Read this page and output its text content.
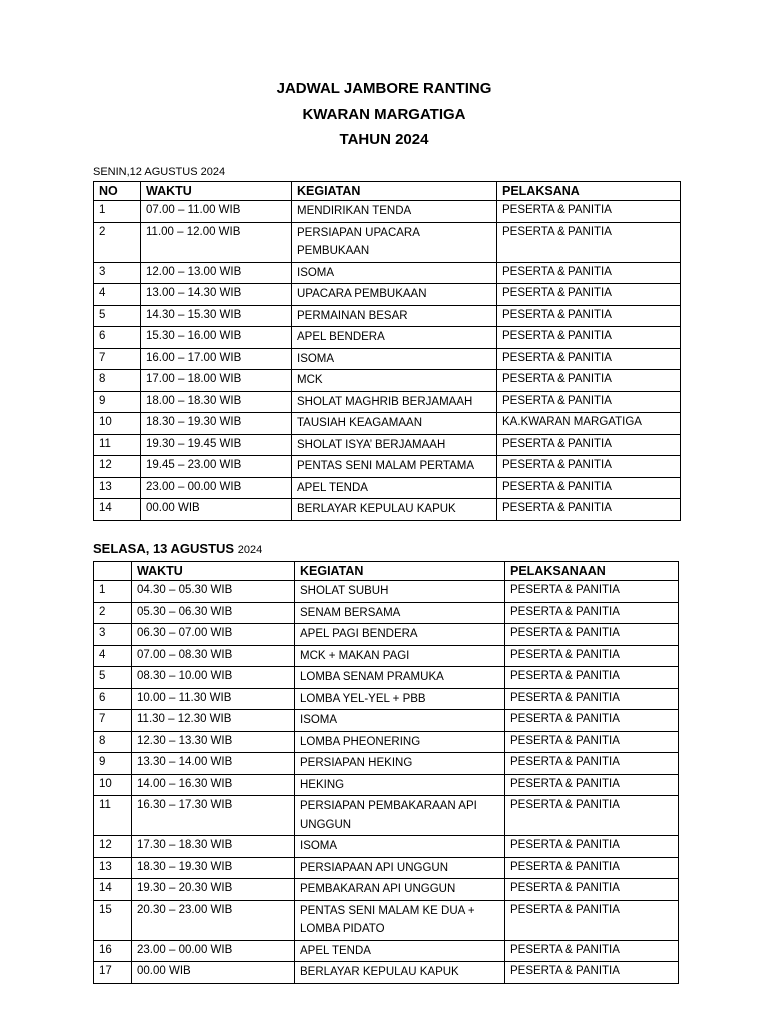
JADWAL JAMBORE RANTING
KWARAN MARGATIGA
TAHUN 2024
SENIN,12 AGUSTUS 2024
NO	WAKTU	KEGIATAN	PELAKSANA
1	07.00 – 11.00 WIB	MENDIRIKAN TENDA	PESERTA & PANITIA
2	11.00 – 12.00 WIB	PERSIAPAN UPACARA PEMBUKAAN	PESERTA & PANITIA
3	12.00 – 13.00 WIB	ISOMA	PESERTA & PANITIA
4	13.00 – 14.30 WIB	UPACARA PEMBUKAAN	PESERTA & PANITIA
5	14.30 – 15.30 WIB	PERMAINAN BESAR	PESERTA & PANITIA
6	15.30 – 16.00 WIB	APEL BENDERA	PESERTA & PANITIA
7	16.00 – 17.00 WIB	ISOMA	PESERTA & PANITIA
8	17.00 – 18.00 WIB	MCK	PESERTA & PANITIA
9	18.00 – 18.30 WIB	SHOLAT MAGHRIB BERJAMAAH	PESERTA & PANITIA
10	18.30 – 19.30 WIB	TAUSIAH KEAGAMAAN	KA.KWARAN MARGATIGA
11	19.30 – 19.45 WIB	SHOLAT ISYA’ BERJAMAAH	PESERTA & PANITIA
12	19.45 – 23.00 WIB	PENTAS SENI MALAM PERTAMA	PESERTA & PANITIA
13	23.00 – 00.00 WIB	APEL TENDA	PESERTA & PANITIA
14	00.00 WIB	BERLAYAR KEPULAU KAPUK	PESERTA & PANITIA
SELASA, 13 AGUSTUS 2024
	WAKTU	KEGIATAN	PELAKSANAAN
1	04.30 – 05.30 WIB	SHOLAT SUBUH	PESERTA & PANITIA
2	05.30 – 06.30 WIB	SENAM BERSAMA	PESERTA & PANITIA
3	06.30 – 07.00 WIB	APEL PAGI BENDERA	PESERTA & PANITIA
4	07.00 – 08.30 WIB	MCK + MAKAN PAGI	PESERTA & PANITIA
5	08.30 – 10.00 WIB	LOMBA SENAM PRAMUKA	PESERTA & PANITIA
6	10.00 – 11.30 WIB	LOMBA YEL-YEL + PBB	PESERTA & PANITIA
7	11.30 – 12.30 WIB	ISOMA	PESERTA & PANITIA
8	12.30 – 13.30 WIB	LOMBA PHEONERING	PESERTA & PANITIA
9	13.30 – 14.00 WIB	PERSIAPAN HEKING	PESERTA & PANITIA
10	14.00 – 16.30 WIB	HEKING	PESERTA & PANITIA
11	16.30 – 17.30 WIB	PERSIAPAN PEMBAKARAAN API UNGGUN	PESERTA & PANITIA
12	17.30 – 18.30 WIB	ISOMA	PESERTA & PANITIA
13	18.30 – 19.30 WIB	PERSIAPAAN API UNGGUN	PESERTA & PANITIA
14	19.30 – 20.30 WIB	PEMBAKARAN API UNGGUN	PESERTA & PANITIA
15	20.30 – 23.00 WIB	PENTAS SENI MALAM KE DUA + LOMBA PIDATO	PESERTA & PANITIA
16	23.00 – 00.00 WIB	APEL TENDA	PESERTA & PANITIA
17	00.00 WIB	BERLAYAR KEPULAU KAPUK	PESERTA & PANITIA
